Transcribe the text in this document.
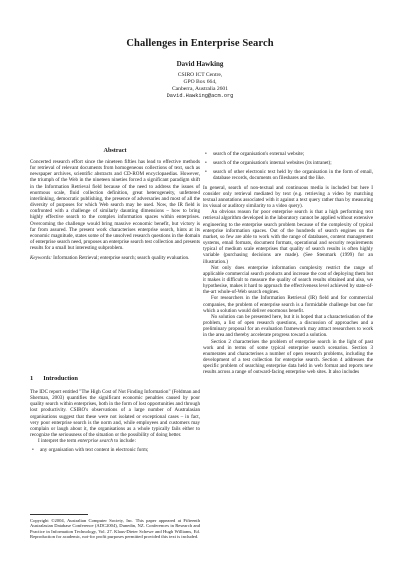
Challenges in Enterprise Search
David Hawking
CSIRO ICT Centre,
GPO Box 664,
Canberra, Australia 2601
David.Hawking@acm.org
Abstract

Concerted research effort since the nineteen fifties has lead to effective methods for retrieval of relevant documents from homogeneous collections of text, such as newspaper archives, scientific abstracts and CD-ROM encyclopaedias. However, the triumph of the Web in the nineteen nineties forced a significant paradigm shift in the Information Retrieval field because of the need to address the issues of enormous scale, fluid collection definition, great heterogeneity, unfettered interlinking, democratic publishing, the presence of adversaries and most of all the diversity of purposes for which Web search may be used. Now, the IR field is confronted with a challenge of similarly daunting dimensions – how to bring highly effective search to the complex information spaces within enterprises. Overcoming the challenge would bring massive economic benefit, but victory is far from assured. The present work characterises enterprise search, hints at its economic magnitude, states some of the unsolved research questions in the domain of enterprise search need, proposes an enterprise search test collection and presents results for a small but interesting subproblem.

Keywords: Information Retrieval; enterprise search; search quality evaluation.

1 Introduction

The IDC report entitled "The High Cost of Not Finding Information" (Feldman and Sherman, 2003) quantifies the significant economic penalties caused by poor quality search within enterprises, both in the form of lost opportunities and through lost productivity. CSIRO's observations of a large number of Australasian organisations suggest that these were not isolated or exceptional cases – in fact, very poor enterprise search is the norm and, while employees and customers may complain or laugh about it, the organisations as a whole typically fails either to recognize the seriousness of the situation or the possibility of doing better.

I interpret the term enterprise search to include:

• any organisation with text content in electronic form;
Copyright ©2004, Australian Computer Society, Inc. This paper appeared at Fifteenth Australasian Database Conference (ADC2004), Dunedin, NZ. Conferences in Research and Practice in Information Technology, Vol. 27. Klaus-Dieter Schewe and Hugh Williams, Ed. Reproduction for academic, not-for profit purposes permitted provided this text is included.
• search of the organisation's external website;
• search of the organisation's internal websites (its intranet);
• search of other electronic text held by the organisation in the form of email, database records, documents on fileshares and the like.

In general, search of non-textual and continuous media is included but here I consider only retrieval mediated by text (e.g. retrieving a video by matching textual annotations associated with it against a text query rather than by measuring its visual or auditory similarity to a video query).

An obvious reason for poor enterprise search is that a high performing text retrieval algorithm developed in the laboratory cannot be applied without extensive engineering to the enterprise search problem because of the complexity of typical enterprise information spaces. Out of the hundreds of search engines on the market, so few are able to work with the range of databases, content management systems, email formats, document formats, operational and security requirements typical of medium scale enterprises that quality of search results is often highly variable (purchasing decisions are made). (See Stenmark (1999) for an illustration.)

Not only does enterprise information complexity restrict the range of applicable commercial search products and increase the cost of deploying them but it makes it difficult to measure the quality of search results obtained and also, we hypothesise, makes it hard to approach the effectiveness level achieved by state-of-the-art whole-of-Web search engines.

For researchers in the Information Retrieval (IR) field and for commercial companies, the problem of enterprise search is a formidable challenge but one for which a solution would deliver enormous benefit.

No solution can be presented here, but it is hoped that a characterisation of the problem, a list of open research questions, a discussion of approaches and a preliminary proposal for an evaluation framework may attract researchers to work in the area and thereby accelerate progress toward a solution.

Section 2 characterises the problem of enterprise search in the light of past work and in terms of some typical enterprise search scenarios. Section 3 enumerates and characterises a number of open research problems, including the development of a test collection for enterprise search. Section 4 addresses the specific problem of searching enterprise data held in web format and reports new results across a range of outward-facing enterprise web sites. It also includes
